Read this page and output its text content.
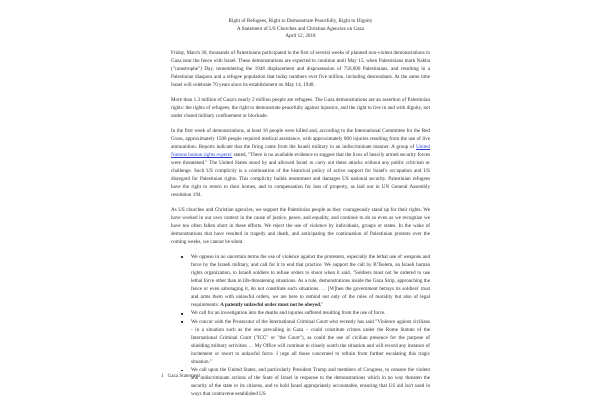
Right of Refugees, Right to Demonstrate Peacefully, Right to Dignity
A Statement of US Churches and Christian Agencies on Gaza
April 12, 2018

Friday, March 30, thousands of Palestinians participated in the first of several weeks of planned non-violent demonstrations in Gaza near the fence with Israel. These demonstrations are expected to continue until May 15, when Palestinians mark Nakba ("catastrophe") Day, remembering the 1948 displacement and dispossession of 750,000 Palestinians, and resulting in a Palestinian diaspora and a refugee population that today numbers over five million, including descendants. At the same time Israel will celebrate 70 years since its establishment on May 14, 1948.

More than 1.3 million of Gaza's nearly 2 million people are refugees. The Gaza demonstrations are an assertion of Palestinian rights: the rights of refugees, the right to demonstrate peacefully against injustice, and the right to live in and with dignity, not under closed military confinement or blockade.

In the first week of demonstrations, at least 16 people were killed and, according to the International Committee for the Red Cross, approximately 1500 people required medical assistance, with approximately 800 injuries resulting from the use of live ammunition. Reports indicate that the firing came from the Israeli military in an indiscriminate manner. A group of United Nations human rights experts' stated, "There is no available evidence to suggest that the lives of heavily armed security forces were threatened." The United States stood by and allowed Israel to carry out these attacks without any public criticism or challenge. Such US complicity is a continuation of the historical policy of active support for Israel's occupation and US disregard for Palestinian rights. This complicity builds resentment and damages US national security. Palestinian refugees have the right to return to their homes, and to compensation for loss of property, as laid out in UN General Assembly resolution 194.

As US churches and Christian agencies, we support the Palestinian people as they courageously stand up for their rights. We have worked in our own context in the cause of justice, peace, and equality, and continue to do so even as we recognize we have too often fallen short in these efforts. We reject the use of violence by individuals, groups or states. In the wake of demonstrations that have resulted in tragedy and death, and anticipating the continuation of Palestinian protests over the coming weeks, we cannot be silent.

We oppose in no uncertain terms the use of violence against the protesters, especially the lethal use of weapons and force by the Israeli military, and call for it to end that practice. We support the call by B'Tselem, an Israeli human rights organization, to Israeli soldiers to refuse orders to shoot when it said, "Soldiers must not be ordered to use lethal force other than in life-threatening situations. As a rule, demonstrations inside the Gaza Strip, approaching the fence or even sabotaging it, do not constitute such situations. … [W]hen the government betrays its soldiers' trust and arms them with unlawful orders, we are here to remind not only of the rules of morality but also of legal requirements: A patently unlawful order must not be obeyed."
We call for an investigation into the deaths and injuries suffered resulting from the use of force.
We concur with the Prosecutor of the International Criminal Court who recently has said "Violence against civilians - in a situation such as the one prevailing in Gaza – could constitute crimes under the Rome Statute of the International Criminal Court ("ICC" or "the Court"), as could the use of civilian presence for the purpose of shielding military activities … My Office will continue to closely watch the situation and will record any instance of incitement or resort to unlawful force. I urge all those concerned to refrain from further escalating this tragic situation."
We call upon the United States, and particularly President Trump and members of Congress, to censure the violent and indiscriminate actions of the State of Israel in response to the demonstrations which in no way threaten the security of the state or its citizens, and to hold Israel appropriately accountable, ensuring that US aid isn't used in ways that contravene established US
1 Gaza Statement
